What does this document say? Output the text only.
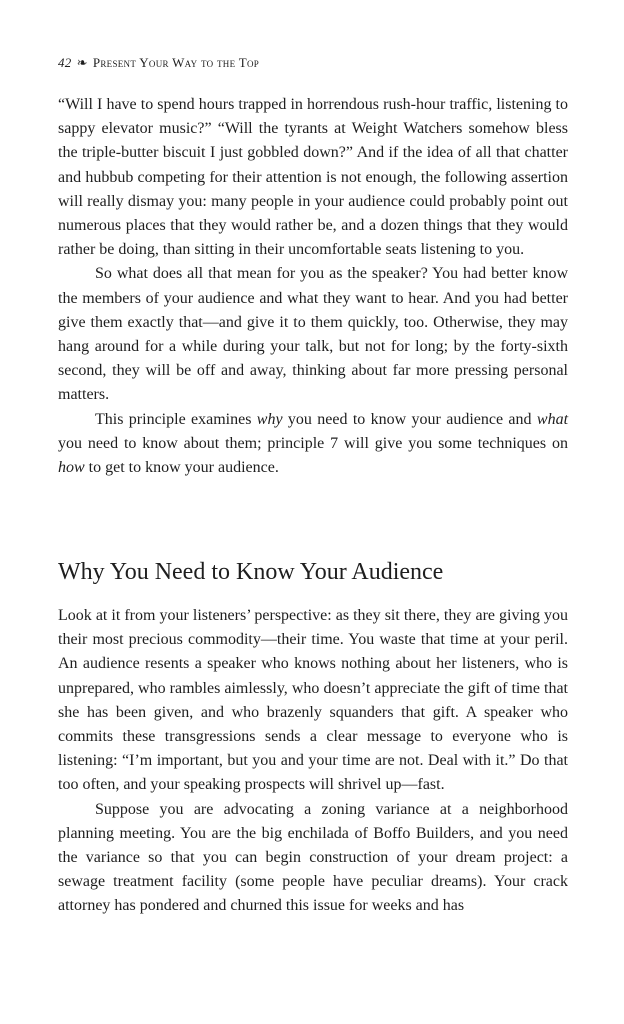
42 ❧ Present Your Way to the Top

“Will I have to spend hours trapped in horrendous rush-hour traffic, listening to sappy elevator music?” “Will the tyrants at Weight Watchers somehow bless the triple-butter biscuit I just gobbled down?” And if the idea of all that chatter and hubbub competing for their attention is not enough, the following assertion will really dismay you: many people in your audience could probably point out numerous places that they would rather be, and a dozen things that they would rather be doing, than sitting in their uncomfortable seats listening to you.

So what does all that mean for you as the speaker? You had better know the members of your audience and what they want to hear. And you had better give them exactly that—and give it to them quickly, too. Otherwise, they may hang around for a while during your talk, but not for long; by the forty-sixth second, they will be off and away, thinking about far more pressing personal matters.

This principle examines why you need to know your audience and what you need to know about them; principle 7 will give you some techniques on how to get to know your audience.

Why You Need to Know Your Audience

Look at it from your listeners’ perspective: as they sit there, they are giving you their most precious commodity—their time. You waste that time at your peril. An audience resents a speaker who knows nothing about her listeners, who is unprepared, who rambles aimlessly, who doesn’t appreciate the gift of time that she has been given, and who brazenly squanders that gift. A speaker who commits these transgressions sends a clear message to everyone who is listening: “I’m important, but you and your time are not. Deal with it.” Do that too often, and your speaking prospects will shrivel up—fast.

Suppose you are advocating a zoning variance at a neighborhood planning meeting. You are the big enchilada of Boffo Builders, and you need the variance so that you can begin construction of your dream project: a sewage treatment facility (some people have peculiar dreams). Your crack attorney has pondered and churned this issue for weeks and has
